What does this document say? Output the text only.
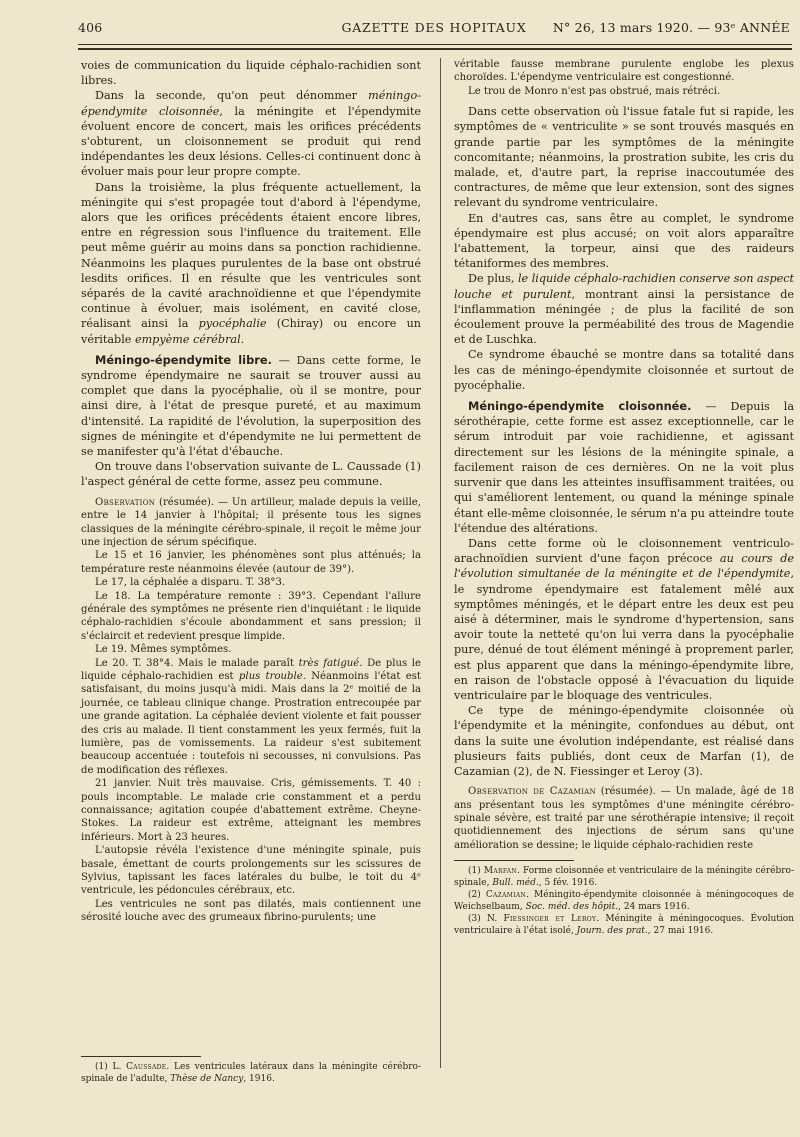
406	GAZETTE DES HOPITAUX	N° 26, 13 mars 1920. — 93ᵉ ANNÉE

voies de communication du liquide céphalo-rachidien sont libres.

Dans la seconde, qu'on peut dénommer méningo-épendymite cloisonnée, la méningite et l'épendymite évoluent encore de concert, mais les orifices précédents s'obturent, un cloisonnement se produit qui rend indépendantes les deux lésions. Celles-ci continuent donc à évoluer mais pour leur propre compte.

Dans la troisième, la plus fréquente actuellement, la méningite qui s'est propagée tout d'abord à l'épendyme, alors que les orifices précédents étaient encore libres, entre en régression sous l'influence du traitement. Elle peut même guérir au moins dans sa ponction rachidienne. Néanmoins les plaques purulentes de la base ont obstrué lesdits orifices. Il en résulte que les ventricules sont séparés de la cavité arachnoïdienne et que l'épendymite continue à évoluer, mais isolément, en cavité close, réalisant ainsi la pyocéphalie (Chiray) ou encore un véritable empyème cérébral.

Méningo-épendymite libre. — Dans cette forme, le syndrome épendymaire ne saurait se trouver aussi au complet que dans la pyocéphalie, où il se montre, pour ainsi dire, à l'état de presque pureté, et au maximum d'intensité. La rapidité de l'évolution, la superposition des signes de méningite et d'épendymite ne lui permettent de se manifester qu'à l'état d'ébauche.

On trouve dans l'observation suivante de L. Caussade (1) l'aspect général de cette forme, assez peu commune.

Observation (résumée). — Un artilleur, malade depuis la veille, entre le 14 janvier à l'hôpital; il présente tous les signes classiques de la méningite cérébro-spinale, il reçoit le même jour une injection de sérum spécifique.

Le 15 et 16 janvier, les phénomènes sont plus atténués; la température reste néanmoins élevée (autour de 39°).

Le 17, la céphalée a disparu. T. 38°3.

Le 18. La température remonte : 39°3. Cependant l'allure générale des symptômes ne présente rien d'inquiétant : le liquide céphalo-rachidien s'écoule abondamment et sans pression; il s'éclaircit et redevient presque limpide.

Le 19. Mêmes symptômes.

Le 20. T. 38°4. Mais le malade paraît très fatigué. De plus le liquide céphalo-rachidien est plus trouble. Néanmoins l'état est satisfaisant, du moins jusqu'à midi. Mais dans la 2ᵉ moitié de la journée, ce tableau clinique change. Prostration entrecoupée par une grande agitation. La céphalée devient violente et fait pousser des cris au malade. Il tient constamment les yeux fermés, fuit la lumière, pas de vomissements. La raideur s'est subitement beaucoup accentuée : toutefois ni secousses, ni convulsions. Pas de modification des réflexes.

21 janvier. Nuit très mauvaise. Cris, gémissements. T. 40 : pouls incomptable. Le malade crie constamment et a perdu connaissance; agitation coupée d'abattement extrême. Cheyne-Stokes. La raideur est extrême, atteignant les membres inférieurs. Mort à 23 heures.

L'autopsie révéla l'existence d'une méningite spinale, puis basale, émettant de courts prolongements sur les scissures de Sylvius, tapissant les faces latérales du bulbe, le toit du 4ᵉ ventricule, les pédoncules cérébraux, etc.

Les ventricules ne sont pas dilatés, mais contiennent une sérosité louche avec des grumeaux fibrino-purulents; une

(1) L. Caussade. Les ventricules latéraux dans la méningite cérébro-spinale de l'adulte, Thèse de Nancy, 1916.

véritable fausse membrane purulente englobe les plexus choroïdes. L'épendyme ventriculaire est congestionné.

Le trou de Monro n'est pas obstrué, mais rétréci.

Dans cette observation où l'issue fatale fut si rapide, les symptômes de « ventriculite » se sont trouvés masqués en grande partie par les symptômes de la méningite concomitante; néanmoins, la prostration subite, les cris du malade, et, d'autre part, la reprise inaccoutumée des contractures, de même que leur extension, sont des signes relevant du syndrome ventriculaire.

En d'autres cas, sans être au complet, le syndrome épendymaire est plus accusé; on voit alors apparaître l'abattement, la torpeur, ainsi que des raideurs tétaniformes des membres.

De plus, le liquide céphalo-rachidien conserve son aspect louche et purulent, montrant ainsi la persistance de l'inflammation méningée ; de plus la facilité de son écoulement prouve la perméabilité des trous de Magendie et de Luschka.

Ce syndrome ébauché se montre dans sa totalité dans les cas de méningo-épendymite cloisonnée et surtout de pyocéphalie.

Méningo-épendymite cloisonnée. — Depuis la sérothérapie, cette forme est assez exceptionnelle, car le sérum introduit par voie rachidienne, et agissant directement sur les lésions de la méningite spinale, a facilement raison de ces dernières. On ne la voit plus survenir que dans les atteintes insuffisamment traitées, ou qui s'améliorent lentement, ou quand la méninge spinale étant elle-même cloisonnée, le sérum n'a pu atteindre toute l'étendue des altérations.

Dans cette forme où le cloisonnement ventriculo-arachnoïdien survient d'une façon précoce au cours de l'évolution simultanée de la méningite et de l'épendymite, le syndrome épendymaire est fatalement mêlé aux symptômes méningés, et le départ entre les deux est peu aisé à déterminer, mais le syndrome d'hypertension, sans avoir toute la netteté qu'on lui verra dans la pyocéphalie pure, dénué de tout élément méningé à proprement parler, est plus apparent que dans la méningo-épendymite libre, en raison de l'obstacle opposé à l'évacuation du liquide ventriculaire par le bloquage des ventricules.

Ce type de méningo-épendymite cloisonnée où l'épendymite et la méningite, confondues au début, ont dans la suite une évolution indépendante, est réalisé dans plusieurs faits publiés, dont ceux de Marfan (1), de Cazamian (2), de N. Fiessinger et Leroy (3).

Observation de Cazamian (résumée). — Un malade, âgé de 18 ans présentant tous les symptômes d'une méningite cérébro-spinale sévère, est traité par une sérothérapie intensive; il reçoit quotidiennement des injections de sérum sans qu'une amélioration se dessine; le liquide céphalo-rachidien reste

(1) Marfan. Forme cloisonnée et ventriculaire de la méningite cérébro-spinale, Bull. méd., 5 fév. 1916.

(2) Cazamian. Méningito-épendymite cloisonnée à méningocoques de Weichselbaum, Soc. méd. des hôpit., 24 mars 1916.

(3) N. Fiessinger et Leroy. Méningite à méningocoques. Évolution ventriculaire à l'état isolé, Journ. des prat., 27 mai 1916.
